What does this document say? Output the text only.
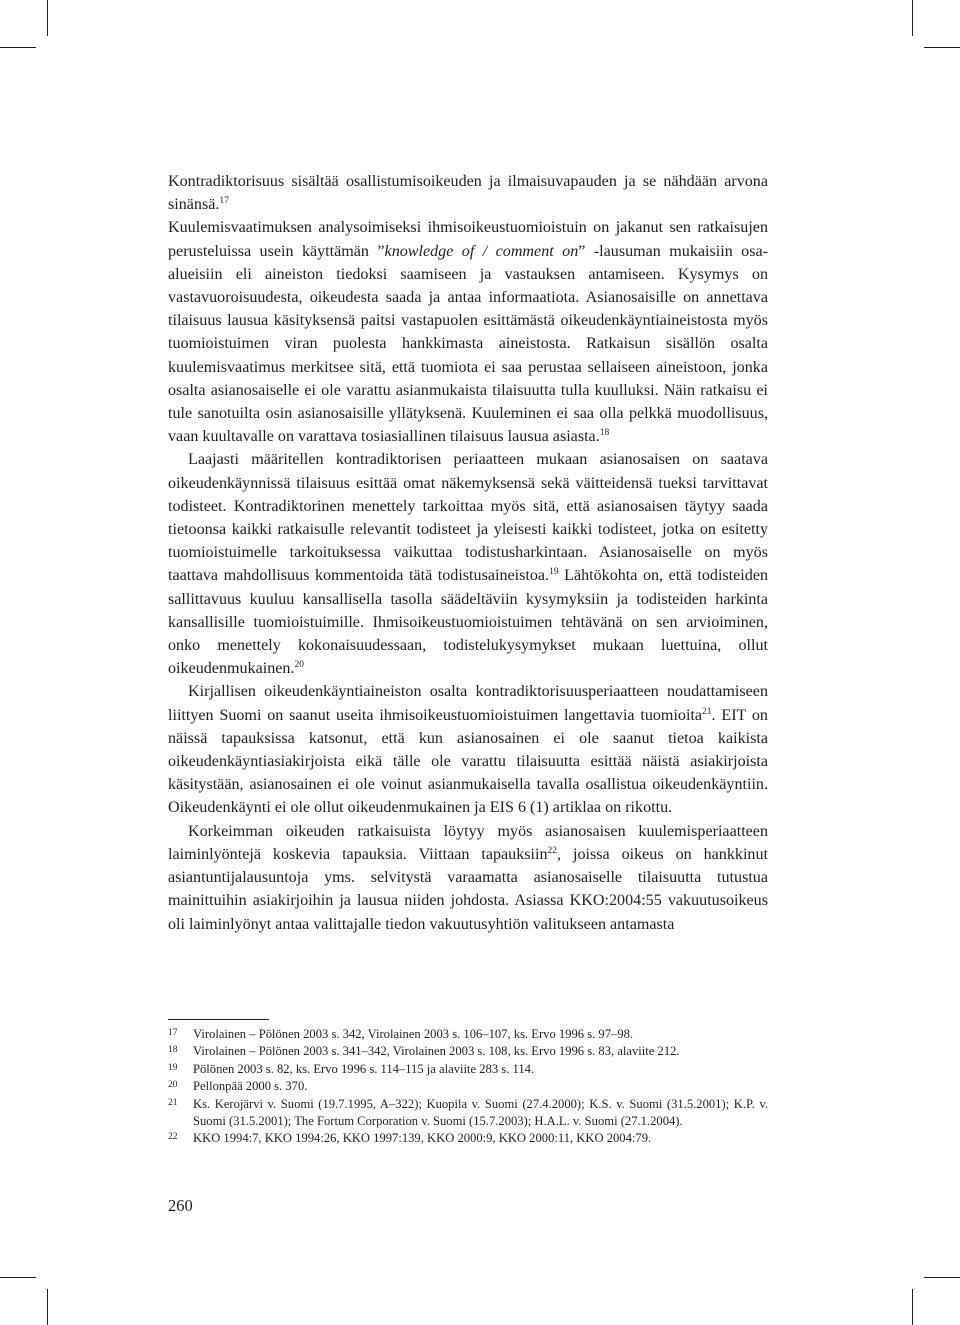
Kontradiktorisuus sisältää osallistumisoikeuden ja ilmaisuvapauden ja se nähdään arvona sinänsä.$^{17}$

Kuulemisvaatimuksen analysoimiseksi ihmisoikeustuomioistuin on jakanut sen ratkaisujen perusteluissa usein käyttämän ”knowledge of / comment on” -lausuman mukaisiin osa-alueisiin eli aineiston tiedoksi saamiseen ja vastauksen antamiseen. Kysymys on vastavuoroisuudesta, oikeudesta saada ja antaa informaatiota. Asianosaisille on annettava tilaisuus lausua käsityksensä paitsi vastapuolen esittämästä oikeudenkäyntiaineistosta myös tuomioistuimen viran puolesta hankkimasta aineistosta. Ratkaisun sisällön osalta kuulemisvaatimus merkitsee sitä, että tuomiota ei saa perustaa sellaiseen aineistoon, jonka osalta asianosaiselle ei ole varattu asianmukaista tilaisuutta tulla kuulluksi. Näin ratkaisu ei tule sanotuilta osin asianosaisille yllätyksenä. Kuuleminen ei saa olla pelkkä muodollisuus, vaan kuultavalle on varattava tosiasiallinen tilaisuus lausua asiasta.$^{18}$

Laajasti määritellen kontradiktorisen periaatteen mukaan asianosaisen on saatava oikeudenkäynnissä tilaisuus esittää omat näkemyksensä sekä väitteidensä tueksi tarvittavat todisteet. Kontradiktorinen menettely tarkoittaa myös sitä, että asianosaisen täytyy saada tietoonsa kaikki ratkaisulle relevantit todisteet ja yleisesti kaikki todisteet, jotka on esitetty tuomioistuimelle tarkoituksessa vaikuttaa todistusharkintaan. Asianosaiselle on myös taattava mahdollisuus kommentoida tätä todistusaineistoa.$^{19}$ Lähtökohta on, että todisteiden sallittavuus kuuluu kansallisella tasolla säädeltäviin kysymyksiin ja todisteiden harkinta kansallisille tuomioistuimille. Ihmisoikeustuomioistuimen tehtävänä on sen arvioiminen, onko menettely kokonaisuudessaan, todistelukysymykset mukaan luettuina, ollut oikeudenmukainen.$^{20}$

Kirjallisen oikeudenkäyntiaineiston osalta kontradiktorisuusperiaatteen noudattamiseen liittyen Suomi on saanut useita ihmisoikeustuomioistuimen langettavia tuomioita$^{21}$. EIT on näissä tapauksissa katsonut, että kun asianosainen ei ole saanut tietoa kaikista oikeudenkäyntiasiakirjoista eikä tälle ole varattu tilaisuutta esittää näistä asiakirjoista käsitystään, asianosainen ei ole voinut asianmukaisella tavalla osallistua oikeudenkäyntiin. Oikeudenkäynti ei ole ollut oikeudenmukainen ja EIS 6 (1) artiklaa on rikottu.

Korkeimman oikeuden ratkaisuista löytyy myös asianosaisen kuulemisperiaatteen laiminlyöntejä koskevia tapauksia. Viittaan tapauksiin$^{22}$, joissa oikeus on hankkinut asiantuntijalausuntoja yms. selvitystä varaamatta asianosaiselle tilaisuutta tutustua mainittuihin asiakirjoihin ja lausua niiden johdosta. Asiassa KKO:2004:55 vakuutusoikeus oli laiminlyönyt antaa valittajalle tiedon vakuutusyhtiön valitukseen antamasta

17	Virolainen – Pölönen 2003 s. 342, Virolainen 2003 s. 106–107, ks. Ervo 1996 s. 97–98.
18	Virolainen – Pölönen 2003 s. 341–342, Virolainen 2003 s. 108, ks. Ervo 1996 s. 83, alaviite 212.
19	Pölönen 2003 s. 82, ks. Ervo 1996 s. 114–115 ja alaviite 283 s. 114.
20	Pellonpää 2000 s. 370.
21	Ks. Kerojärvi v. Suomi (19.7.1995, A–322); Kuopila v. Suomi (27.4.2000); K.S. v. Suomi (31.5.2001); K.P. v. Suomi (31.5.2001); The Fortum Corporation v. Suomi (15.7.2003); H.A.L. v. Suomi (27.1.2004).
22	KKO 1994:7, KKO 1994:26, KKO 1997:139, KKO 2000:9, KKO 2000:11, KKO 2004:79.
260
